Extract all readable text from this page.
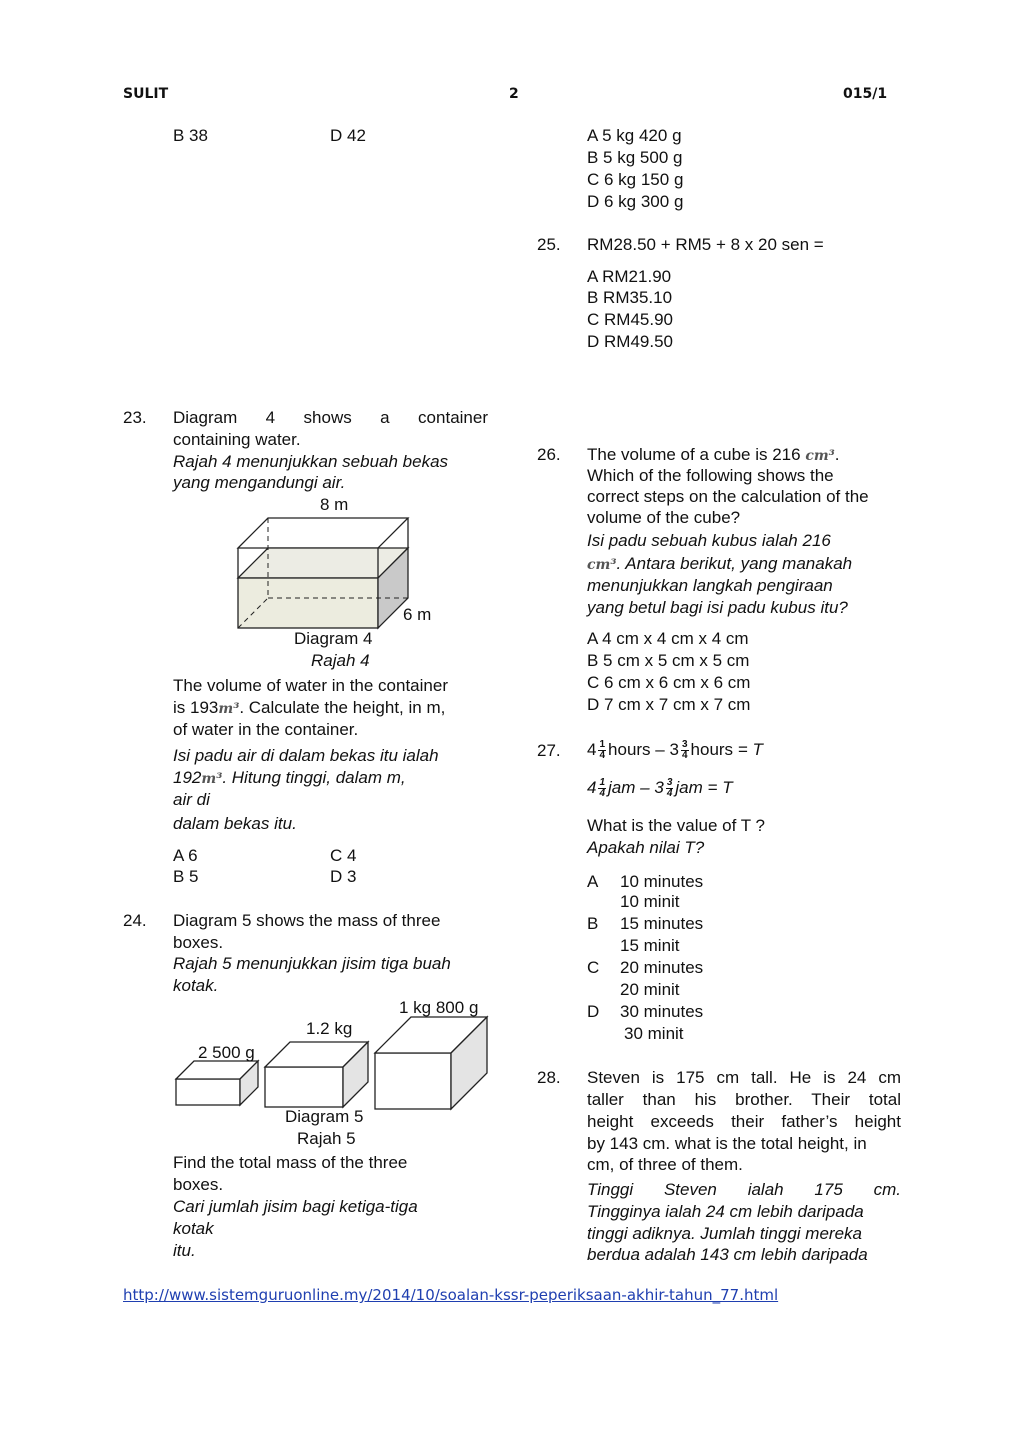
SULIT	2	015/1
B 38	D 42	A 5 kg 420 g
B 5 kg 500 g
C 6 kg 150 g
D 6 kg 300 g
25. RM28.50 + RM5 + 8 x 20 sen =
A RM21.90
B RM35.10
C RM45.90
D RM49.50
23. Diagram 4 shows a container
containing water.
Rajah 4 menunjukkan sebuah bekas
yang mengandungi air.
8 m
6 m
Diagram 4
Rajah 4
The volume of water in the container
is 193m³. Calculate the height, in m,
of water in the container.
Isi padu air di dalam bekas itu ialah
192m³. Hitung tinggi, dalam m,
air di
dalam bekas itu.
A 6	C 4
B 5	D 3
24. Diagram 5 shows the mass of three
boxes.
Rajah 5 menunjukkan jisim tiga buah
kotak.
1 kg 800 g
1.2 kg
2 500 g
Diagram 5
Rajah 5
Find the total mass of the three
boxes.
Cari jumlah jisim bagi ketiga-tiga
kotak
itu.
26. The volume of a cube is 216 cm³.
Which of the following shows the
correct steps on the calculation of the
volume of the cube?
Isi padu sebuah kubus ialah 216
cm³. Antara berikut, yang manakah
menunjukkan langkah pengiraan
yang betul bagi isi padu kubus itu?
A 4 cm x 4 cm x 4 cm
B 5 cm x 5 cm x 5 cm
C 6 cm x 6 cm x 6 cm
D 7 cm x 7 cm x 7 cm
27. $4 \frac{1}{4}$ hours – $3 \frac{3}{4}$ hours = T
$4 \frac{1}{4}$ jam – $3 \frac{3}{4}$ jam = T
What is the value of T ?
Apakah nilai T?
A 10 minutes
10 minit
B 15 minutes
15 minit
C 20 minutes
20 minit
D 30 minutes
30 minit
28. Steven is 175 cm tall. He is 24 cm
taller than his brother. Their total
height exceeds their father’s height
by 143 cm. what is the total height, in
cm, of three of them.
Tinggi Steven ialah 175 cm.
Tingginya ialah 24 cm lebih daripada
tinggi adiknya. Jumlah tinggi mereka
berdua adalah 143 cm lebih daripada
http://www.sistemguruonline.my/2014/10/soalan-kssr-peperiksaan-akhir-tahun_77.html
